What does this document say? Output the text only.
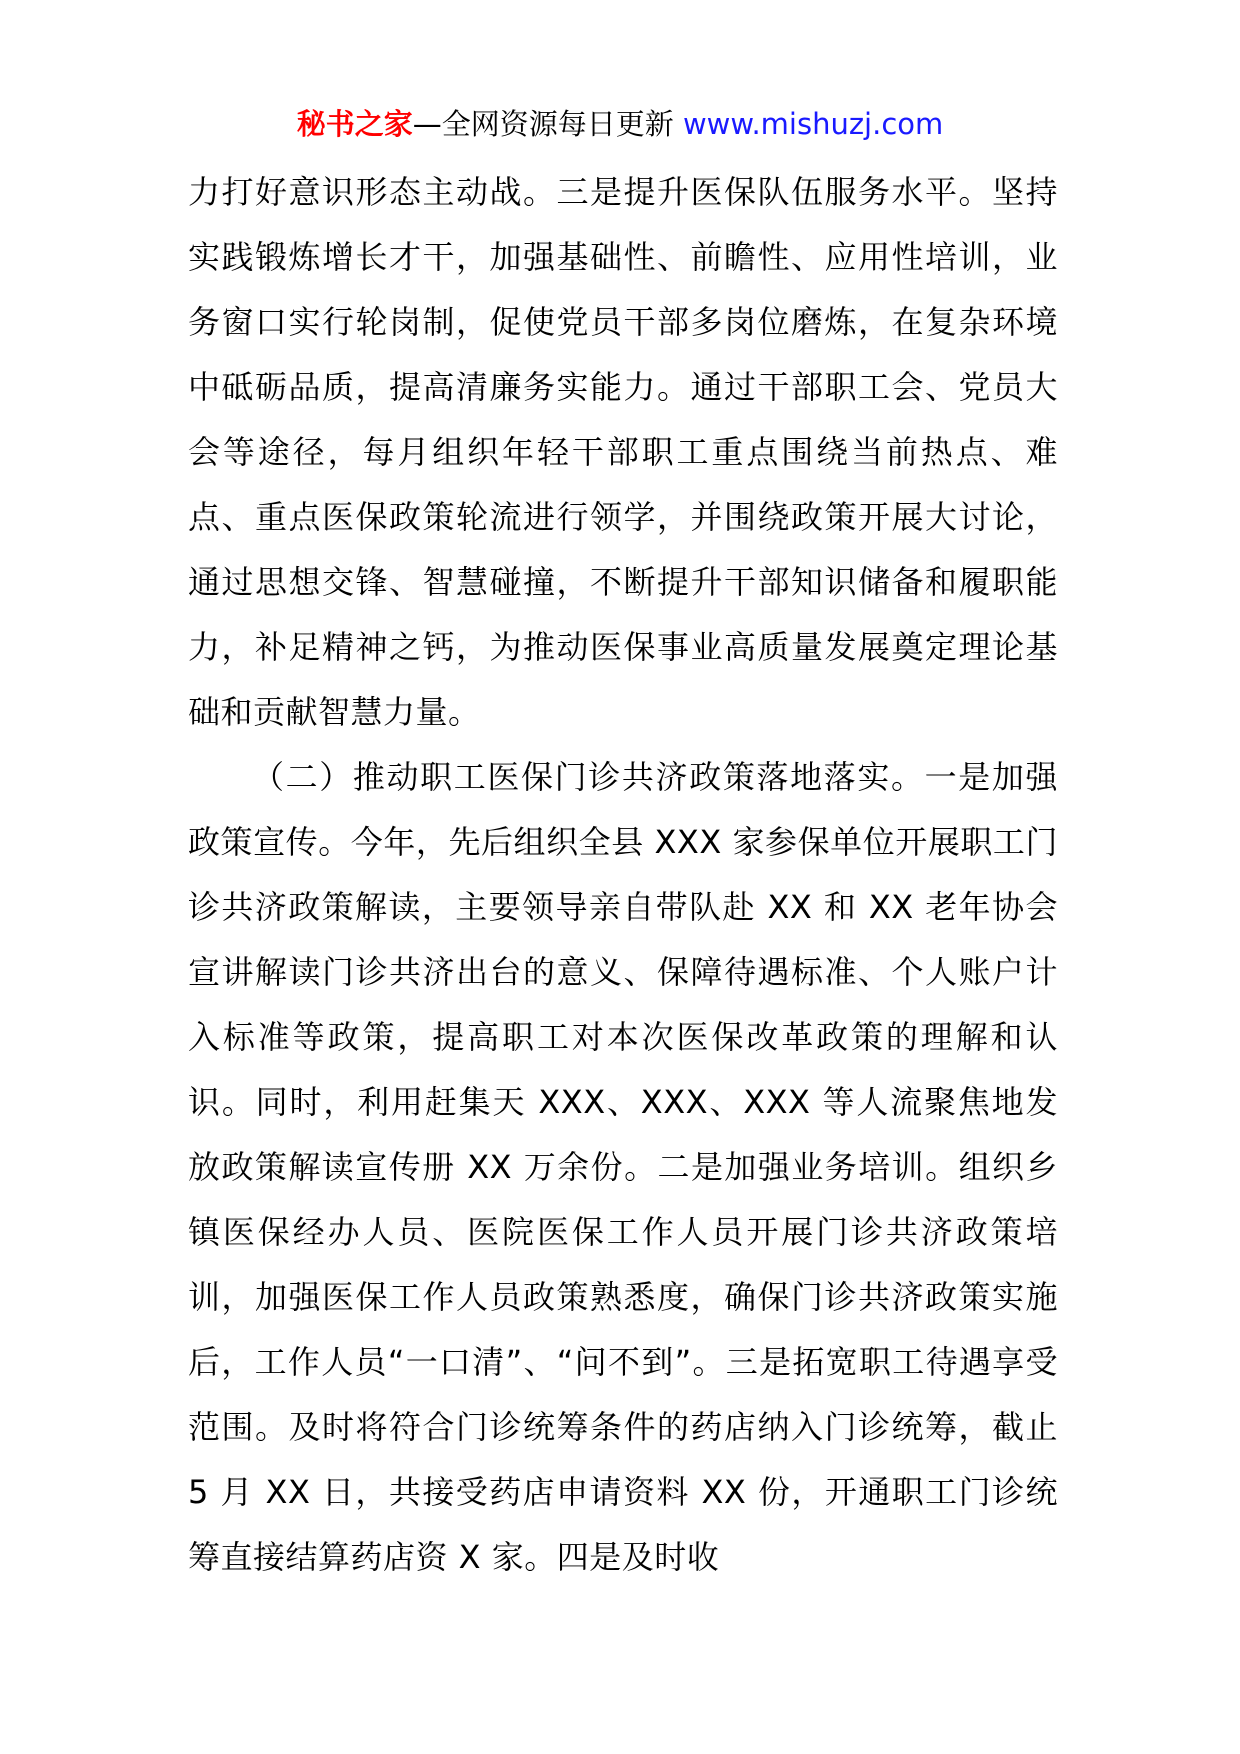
秘书之家—全网资源每日更新 www.mishuzj.com

力打好意识形态主动战。三是提升医保队伍服务水平。坚持实践锻炼增长才干，加强基础性、前瞻性、应用性培训，业务窗口实行轮岗制，促使党员干部多岗位磨炼，在复杂环境中砥砺品质，提高清廉务实能力。通过干部职工会、党员大会等途径，每月组织年轻干部职工重点围绕当前热点、难点、重点医保政策轮流进行领学，并围绕政策开展大讨论，通过思想交锋、智慧碰撞，不断提升干部知识储备和履职能力，补足精神之钙，为推动医保事业高质量发展奠定理论基础和贡献智慧力量。

（二）推动职工医保门诊共济政策落地落实。一是加强政策宣传。今年，先后组织全县 XXX 家参保单位开展职工门诊共济政策解读，主要领导亲自带队赴 XX 和 XX 老年协会宣讲解读门诊共济出台的意义、保障待遇标准、个人账户计入标准等政策，提高职工对本次医保改革政策的理解和认识。同时，利用赶集天 XXX、XXX、XXX 等人流聚焦地发放政策解读宣传册 XX 万余份。二是加强业务培训。组织乡镇医保经办人员、医院医保工作人员开展门诊共济政策培训，加强医保工作人员政策熟悉度，确保门诊共济政策实施后，工作人员“一口清”、“问不到”。三是拓宽职工待遇享受范围。及时将符合门诊统筹条件的药店纳入门诊统筹，截止 5 月 XX 日，共接受药店申请资料 XX 份，开通职工门诊统筹直接结算药店资 X 家。四是及时收
